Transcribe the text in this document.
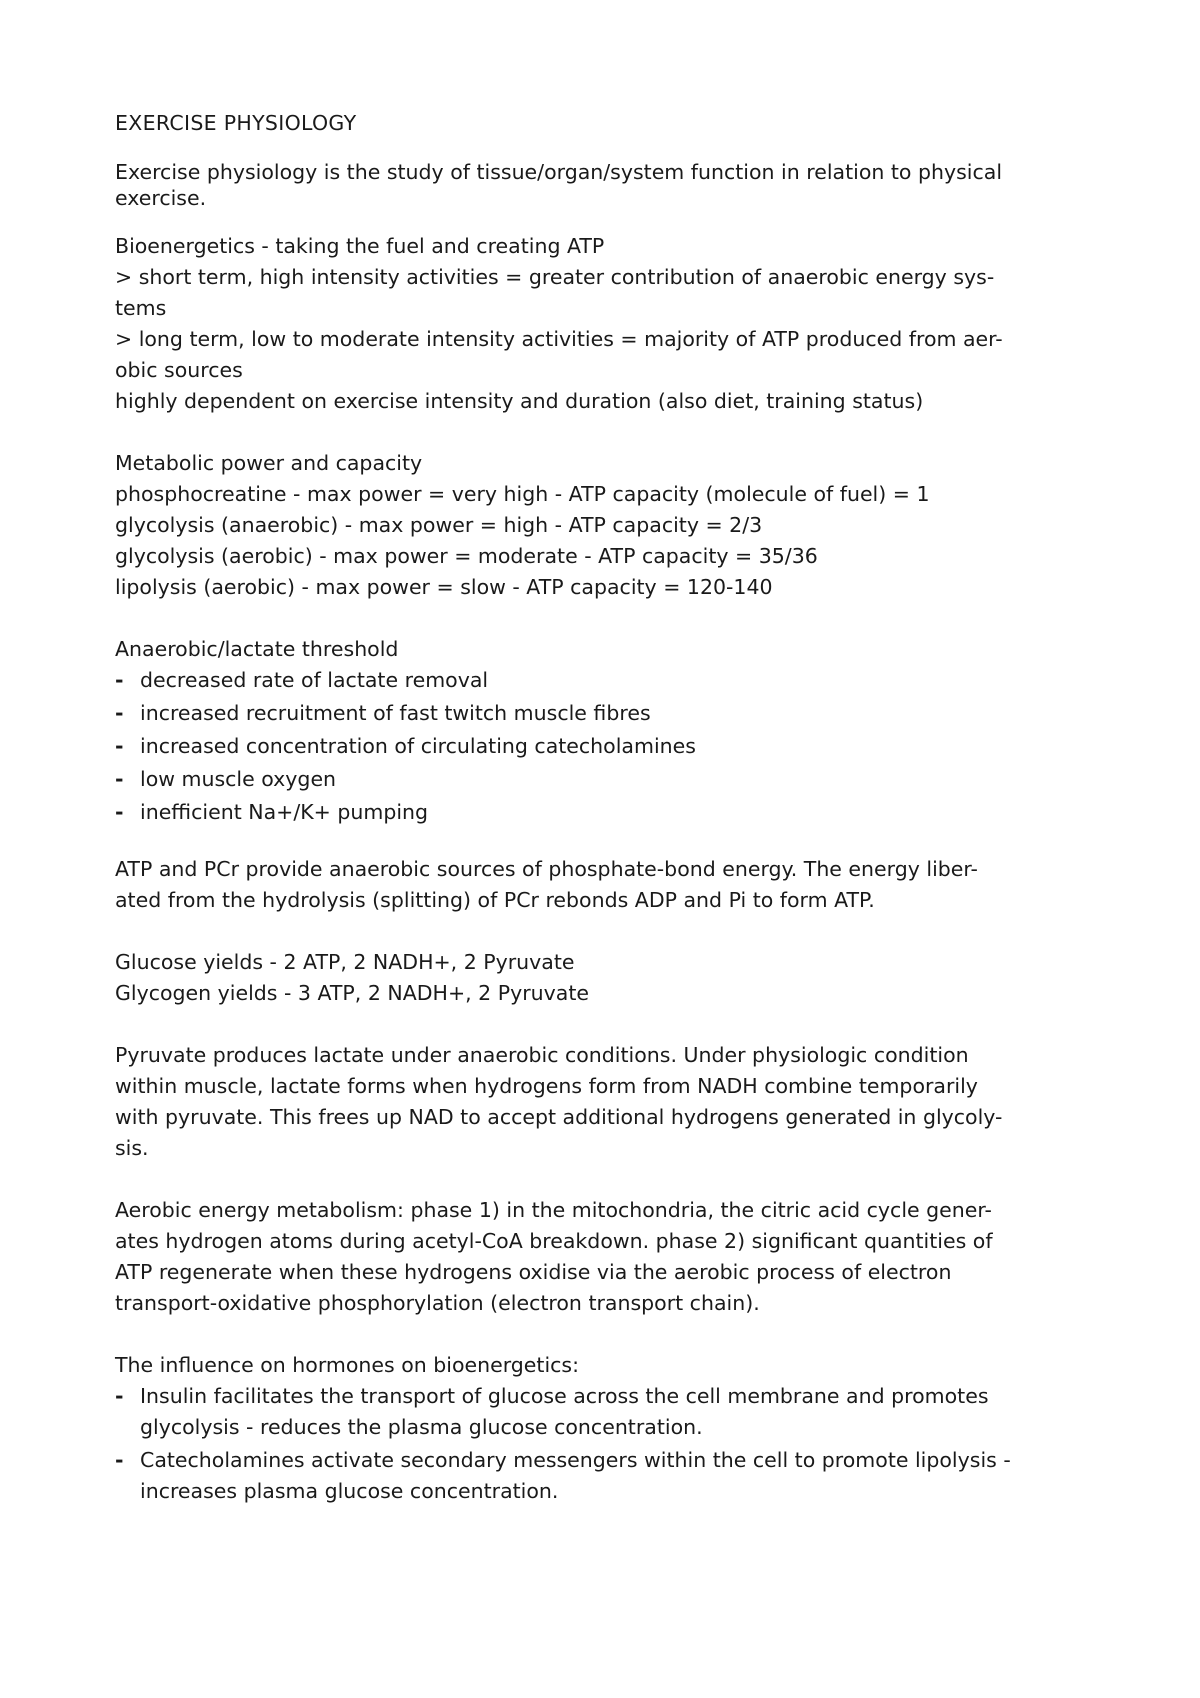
EXERCISE PHYSIOLOGY
Exercise physiology is the study of tissue/organ/system function in relation to physical
exercise.
Bioenergetics - taking the fuel and creating ATP
> short term, high intensity activities = greater contribution of anaerobic energy sys-
tems
> long term, low to moderate intensity activities = majority of ATP produced from aer-
obic sources
highly dependent on exercise intensity and duration (also diet, training status)
Metabolic power and capacity
phosphocreatine - max power = very high - ATP capacity (molecule of fuel) = 1
glycolysis (anaerobic) - max power = high - ATP capacity = 2/3
glycolysis (aerobic) - max power = moderate - ATP capacity = 35/36
lipolysis (aerobic) - max power = slow - ATP capacity = 120-140
Anaerobic/lactate threshold
- decreased rate of lactate removal
- increased recruitment of fast twitch muscle fibres
- increased concentration of circulating catecholamines
- low muscle oxygen
- inefficient Na+/K+ pumping
ATP and PCr provide anaerobic sources of phosphate-bond energy. The energy liber-
ated from the hydrolysis (splitting) of PCr rebonds ADP and Pi to form ATP.
Glucose yields - 2 ATP, 2 NADH+, 2 Pyruvate
Glycogen yields - 3 ATP, 2 NADH+, 2 Pyruvate
Pyruvate produces lactate under anaerobic conditions. Under physiologic condition
within muscle, lactate forms when hydrogens form from NADH combine temporarily
with pyruvate. This frees up NAD to accept additional hydrogens generated in glycoly-
sis.
Aerobic energy metabolism: phase 1) in the mitochondria, the citric acid cycle gener-
ates hydrogen atoms during acetyl-CoA breakdown. phase 2) significant quantities of
ATP regenerate when these hydrogens oxidise via the aerobic process of electron
transport-oxidative phosphorylation (electron transport chain).
The influence on hormones on bioenergetics:
- Insulin facilitates the transport of glucose across the cell membrane and promotes
glycolysis - reduces the plasma glucose concentration.
- Catecholamines activate secondary messengers within the cell to promote lipolysis -
increases plasma glucose concentration.
